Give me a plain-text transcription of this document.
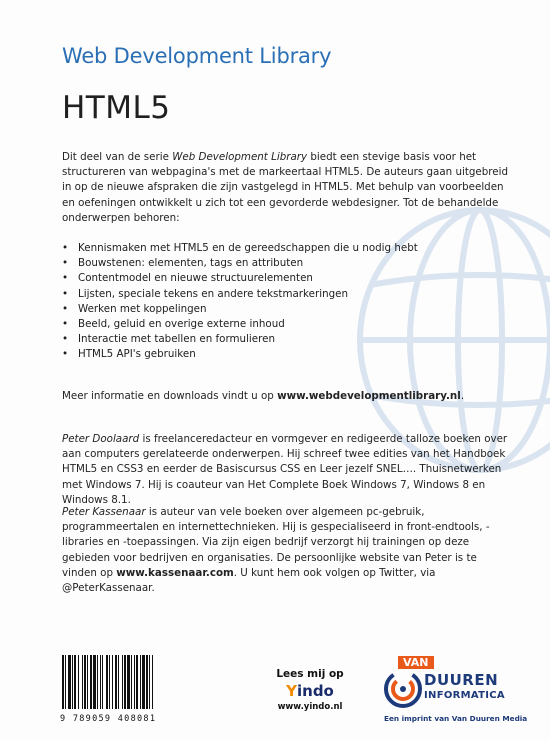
Web Development Library
HTML5

Dit deel van de serie Web Development Library biedt een stevige basis voor het structureren van webpagina's met de markeertaal HTML5. De auteurs gaan uitgebreid in op de nieuwe afspraken die zijn vastgelegd in HTML5. Met behulp van voorbeelden en oefeningen ontwikkelt u zich tot een gevorderde webdesigner. Tot de behandelde onderwerpen behoren:

• Kennismaken met HTML5 en de gereedschappen die u nodig hebt
• Bouwstenen: elementen, tags en attributen
• Contentmodel en nieuwe structuurelementen
• Lijsten, speciale tekens en andere tekstmarkeringen
• Werken met koppelingen
• Beeld, geluid en overige externe inhoud
• Interactie met tabellen en formulieren
• HTML5 API's gebruiken

Meer informatie en downloads vindt u op www.webdevelopmentlibrary.nl.

Peter Doolaard is freelanceredacteur en vormgever en redigeerde talloze boeken over aan computers gerelateerde onderwerpen. Hij schreef twee edities van het Handboek HTML5 en CSS3 en eerder de Basiscursus CSS en Leer jezelf SNEL…. Thuisnetwerken met Windows 7. Hij is coauteur van Het Complete Boek Windows 7, Windows 8 en Windows 8.1.

Peter Kassenaar is auteur van vele boeken over algemeen pc-gebruik, programmeertalen en internettechnieken. Hij is gespecialiseerd in front-endtools, -libraries en -toepassingen. Via zijn eigen bedrijf verzorgt hij trainingen op deze gebieden voor bedrijven en organisaties. De persoonlijke website van Peter is te vinden op www.kassenaar.com. U kunt hem ook volgen op Twitter, via @PeterKassenaar.

9 789059 408081
Lees mij op
Yindo
www.yindo.nl
VAN
DUUREN
INFORMATICA
Een imprint van Van Duuren Media
